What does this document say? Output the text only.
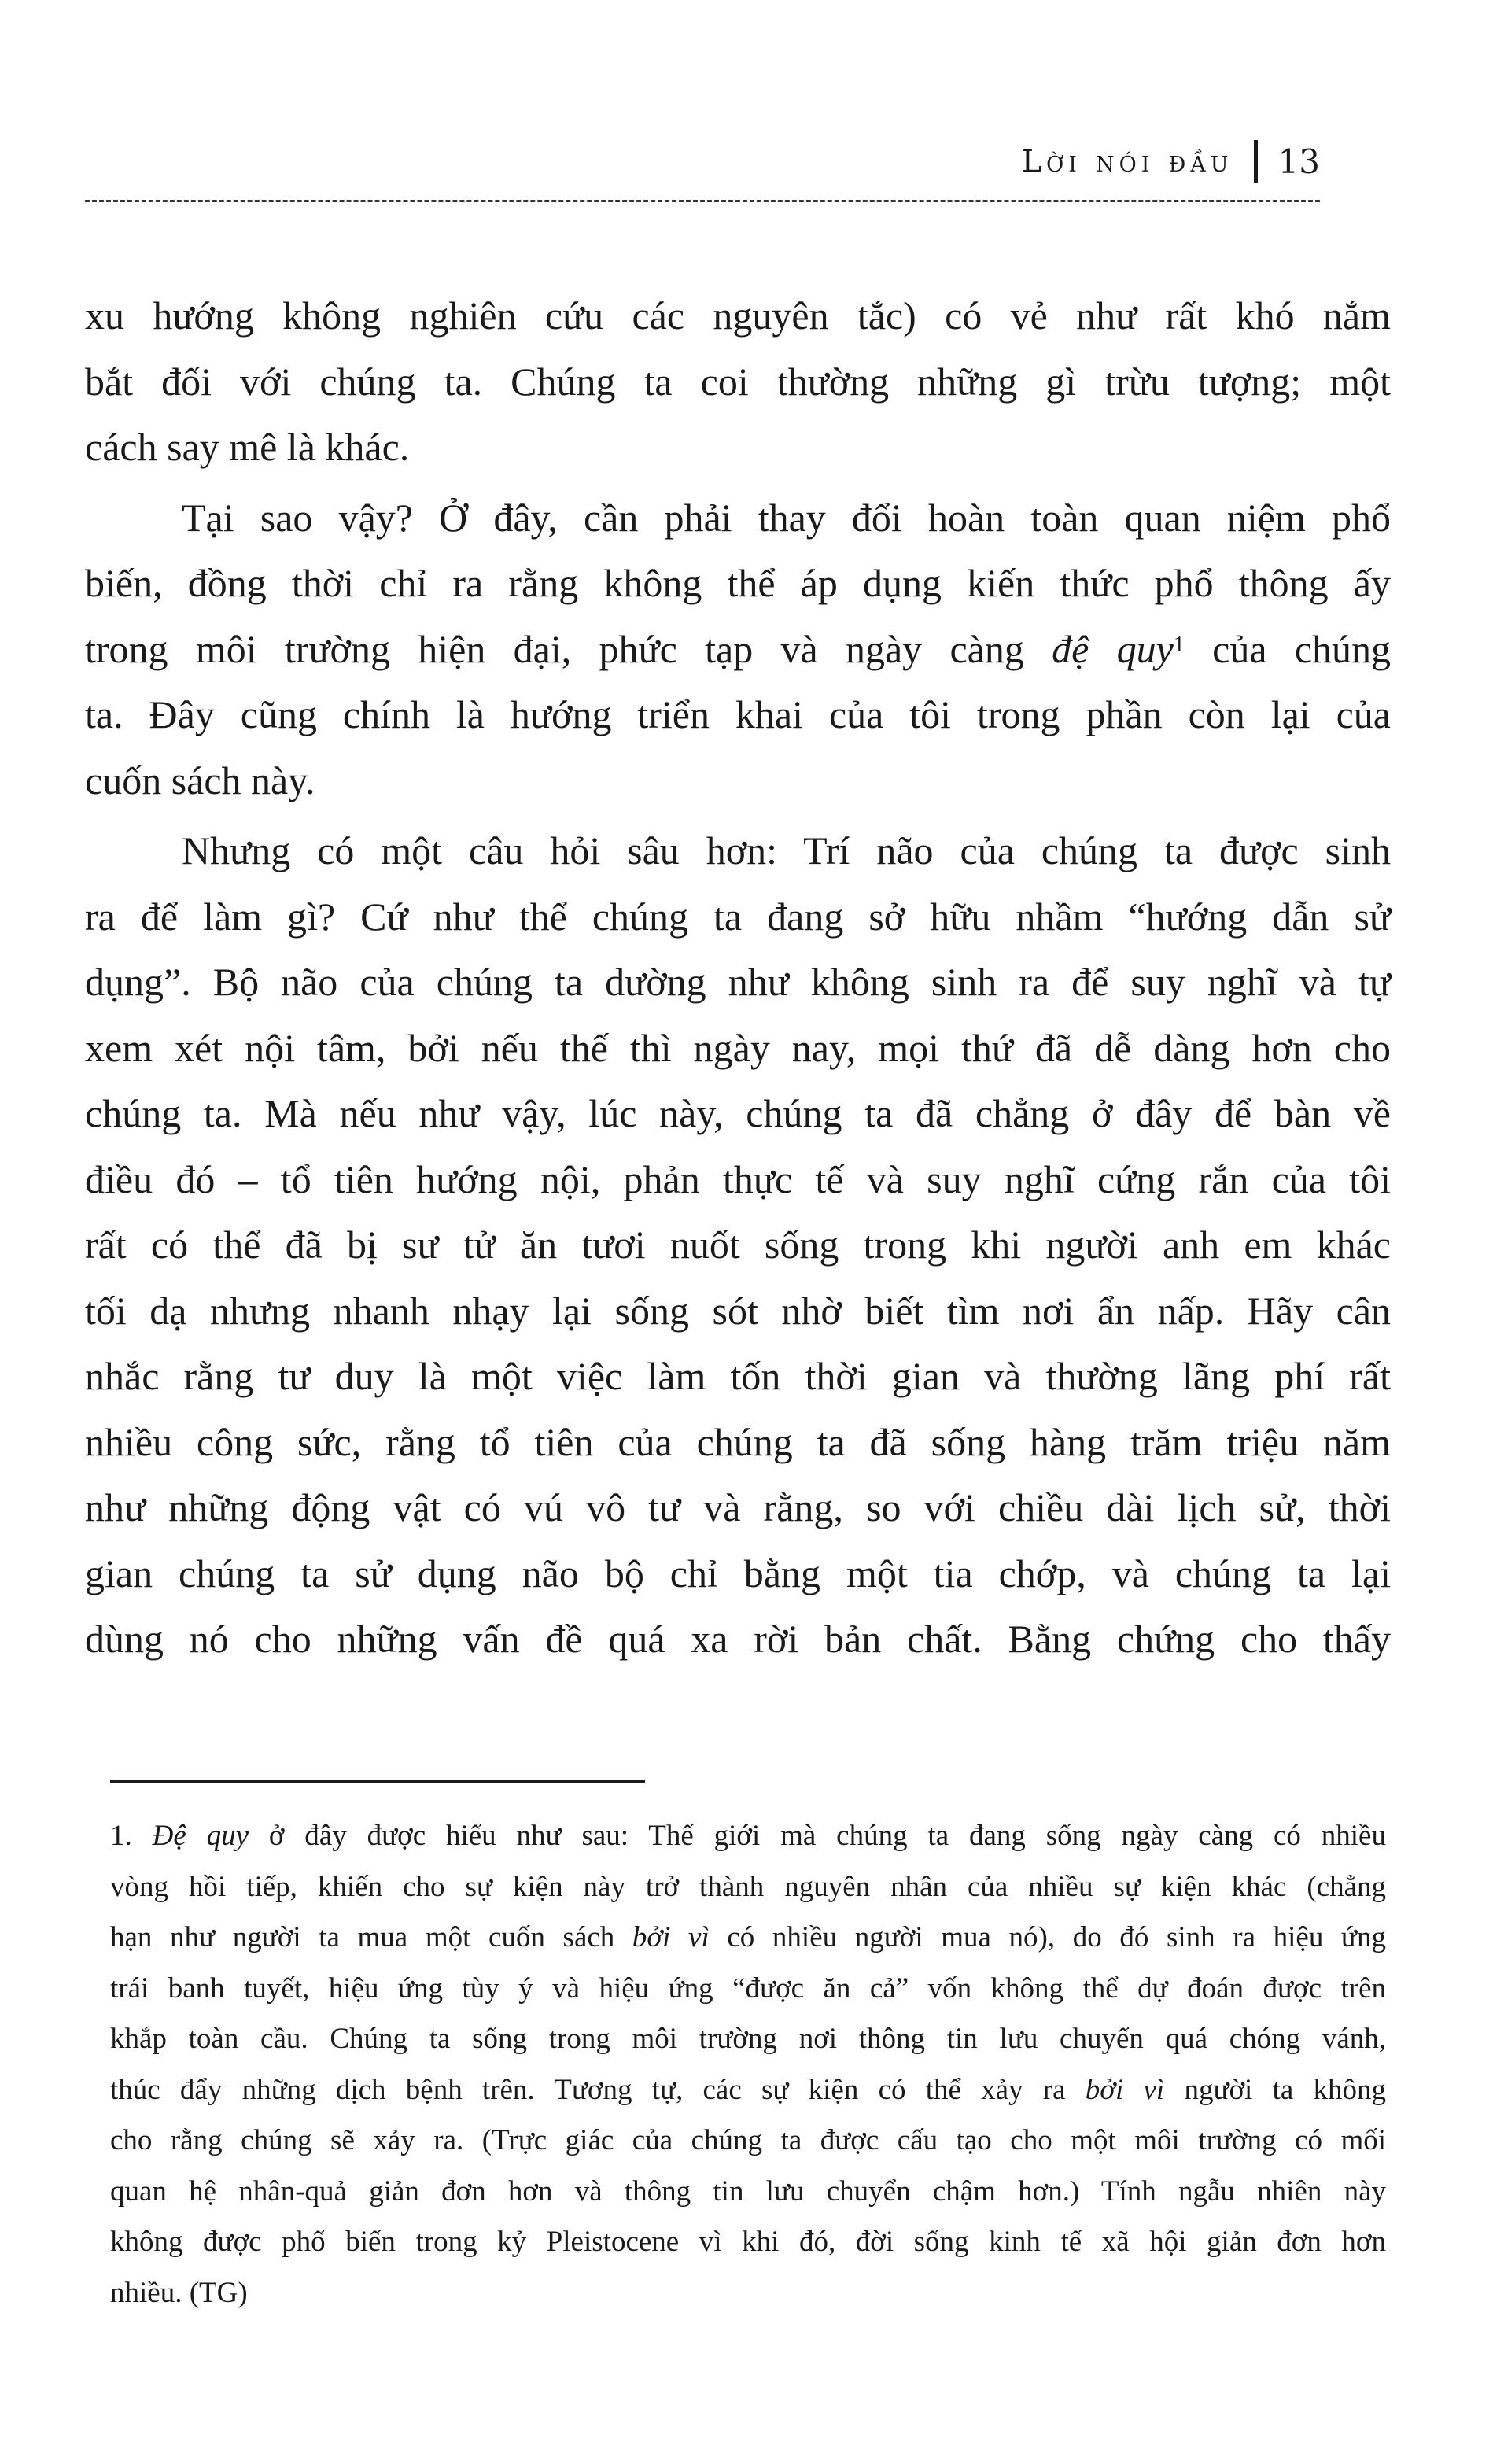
Lời nói đầu 13

xu hướng không nghiên cứu các nguyên tắc) có vẻ như rất khó nắm

bắt đối với chúng ta. Chúng ta coi thường những gì trừu tượng; một

cách say mê là khác.

Tại sao vậy? Ở đây, cần phải thay đổi hoàn toàn quan niệm phổ

biến, đồng thời chỉ ra rằng không thể áp dụng kiến thức phổ thông ấy

trong môi trường hiện đại, phức tạp và ngày càng đệ quy$^1$ của chúng

ta. Đây cũng chính là hướng triển khai của tôi trong phần còn lại của

cuốn sách này.

Nhưng có một câu hỏi sâu hơn: Trí não của chúng ta được sinh

ra để làm gì? Cứ như thể chúng ta đang sở hữu nhầm “hướng dẫn sử

dụng”. Bộ não của chúng ta dường như không sinh ra để suy nghĩ và tự

xem xét nội tâm, bởi nếu thế thì ngày nay, mọi thứ đã dễ dàng hơn cho

chúng ta. Mà nếu như vậy, lúc này, chúng ta đã chẳng ở đây để bàn về

điều đó – tổ tiên hướng nội, phản thực tế và suy nghĩ cứng rắn của tôi

rất có thể đã bị sư tử ăn tươi nuốt sống trong khi người anh em khác

tối dạ nhưng nhanh nhạy lại sống sót nhờ biết tìm nơi ẩn nấp. Hãy cân

nhắc rằng tư duy là một việc làm tốn thời gian và thường lãng phí rất

nhiều công sức, rằng tổ tiên của chúng ta đã sống hàng trăm triệu năm

như những động vật có vú vô tư và rằng, so với chiều dài lịch sử, thời

gian chúng ta sử dụng não bộ chỉ bằng một tia chớp, và chúng ta lại

dùng nó cho những vấn đề quá xa rời bản chất. Bằng chứng cho thấy

1. Đệ quy ở đây được hiểu như sau: Thế giới mà chúng ta đang sống ngày càng có nhiều

vòng hồi tiếp, khiến cho sự kiện này trở thành nguyên nhân của nhiều sự kiện khác (chẳng

hạn như người ta mua một cuốn sách bởi vì có nhiều người mua nó), do đó sinh ra hiệu ứng

trái banh tuyết, hiệu ứng tùy ý và hiệu ứng “được ăn cả” vốn không thể dự đoán được trên

khắp toàn cầu. Chúng ta sống trong môi trường nơi thông tin lưu chuyển quá chóng vánh,

thúc đẩy những dịch bệnh trên. Tương tự, các sự kiện có thể xảy ra bởi vì người ta không

cho rằng chúng sẽ xảy ra. (Trực giác của chúng ta được cấu tạo cho một môi trường có mối

quan hệ nhân-quả giản đơn hơn và thông tin lưu chuyển chậm hơn.) Tính ngẫu nhiên này

không được phổ biến trong kỷ Pleistocene vì khi đó, đời sống kinh tế xã hội giản đơn hơn

nhiều. (TG)
